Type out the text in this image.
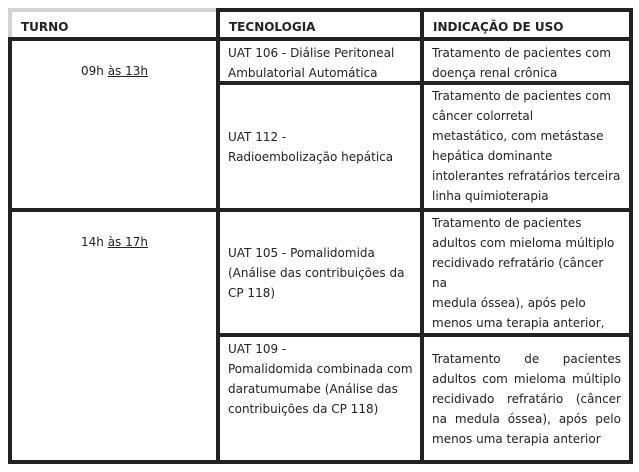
TURNO	TECNOLOGIA	INDICAÇÃO DE USO
09h às 13h
UAT 106 - Diálise Peritoneal
Ambulatorial Automática
Tratamento de pacientes com
doença renal crônica
UAT 112 -
Radioembolização hepática
Tratamento de pacientes com
câncer colorretal
metastático, com metástase
hepática dominante
intolerantes refratários terceira
linha quimioterapia
14h às 17h
UAT 105 - Pomalidomida
(Análise das contribuições da
CP 118)
Tratamento de pacientes
adultos com mieloma múltiplo
recidivado refratário (câncer na
medula óssea), após pelo
menos uma terapia anterior,
UAT 109 -
Pomalidomida combinada com
daratumumabe (Análise das
contribuições da CP 118)
Tratamento de pacientes adultos com mieloma múltiplo recidivado refratário (câncer na medula óssea), após pelo menos uma terapia anterior
